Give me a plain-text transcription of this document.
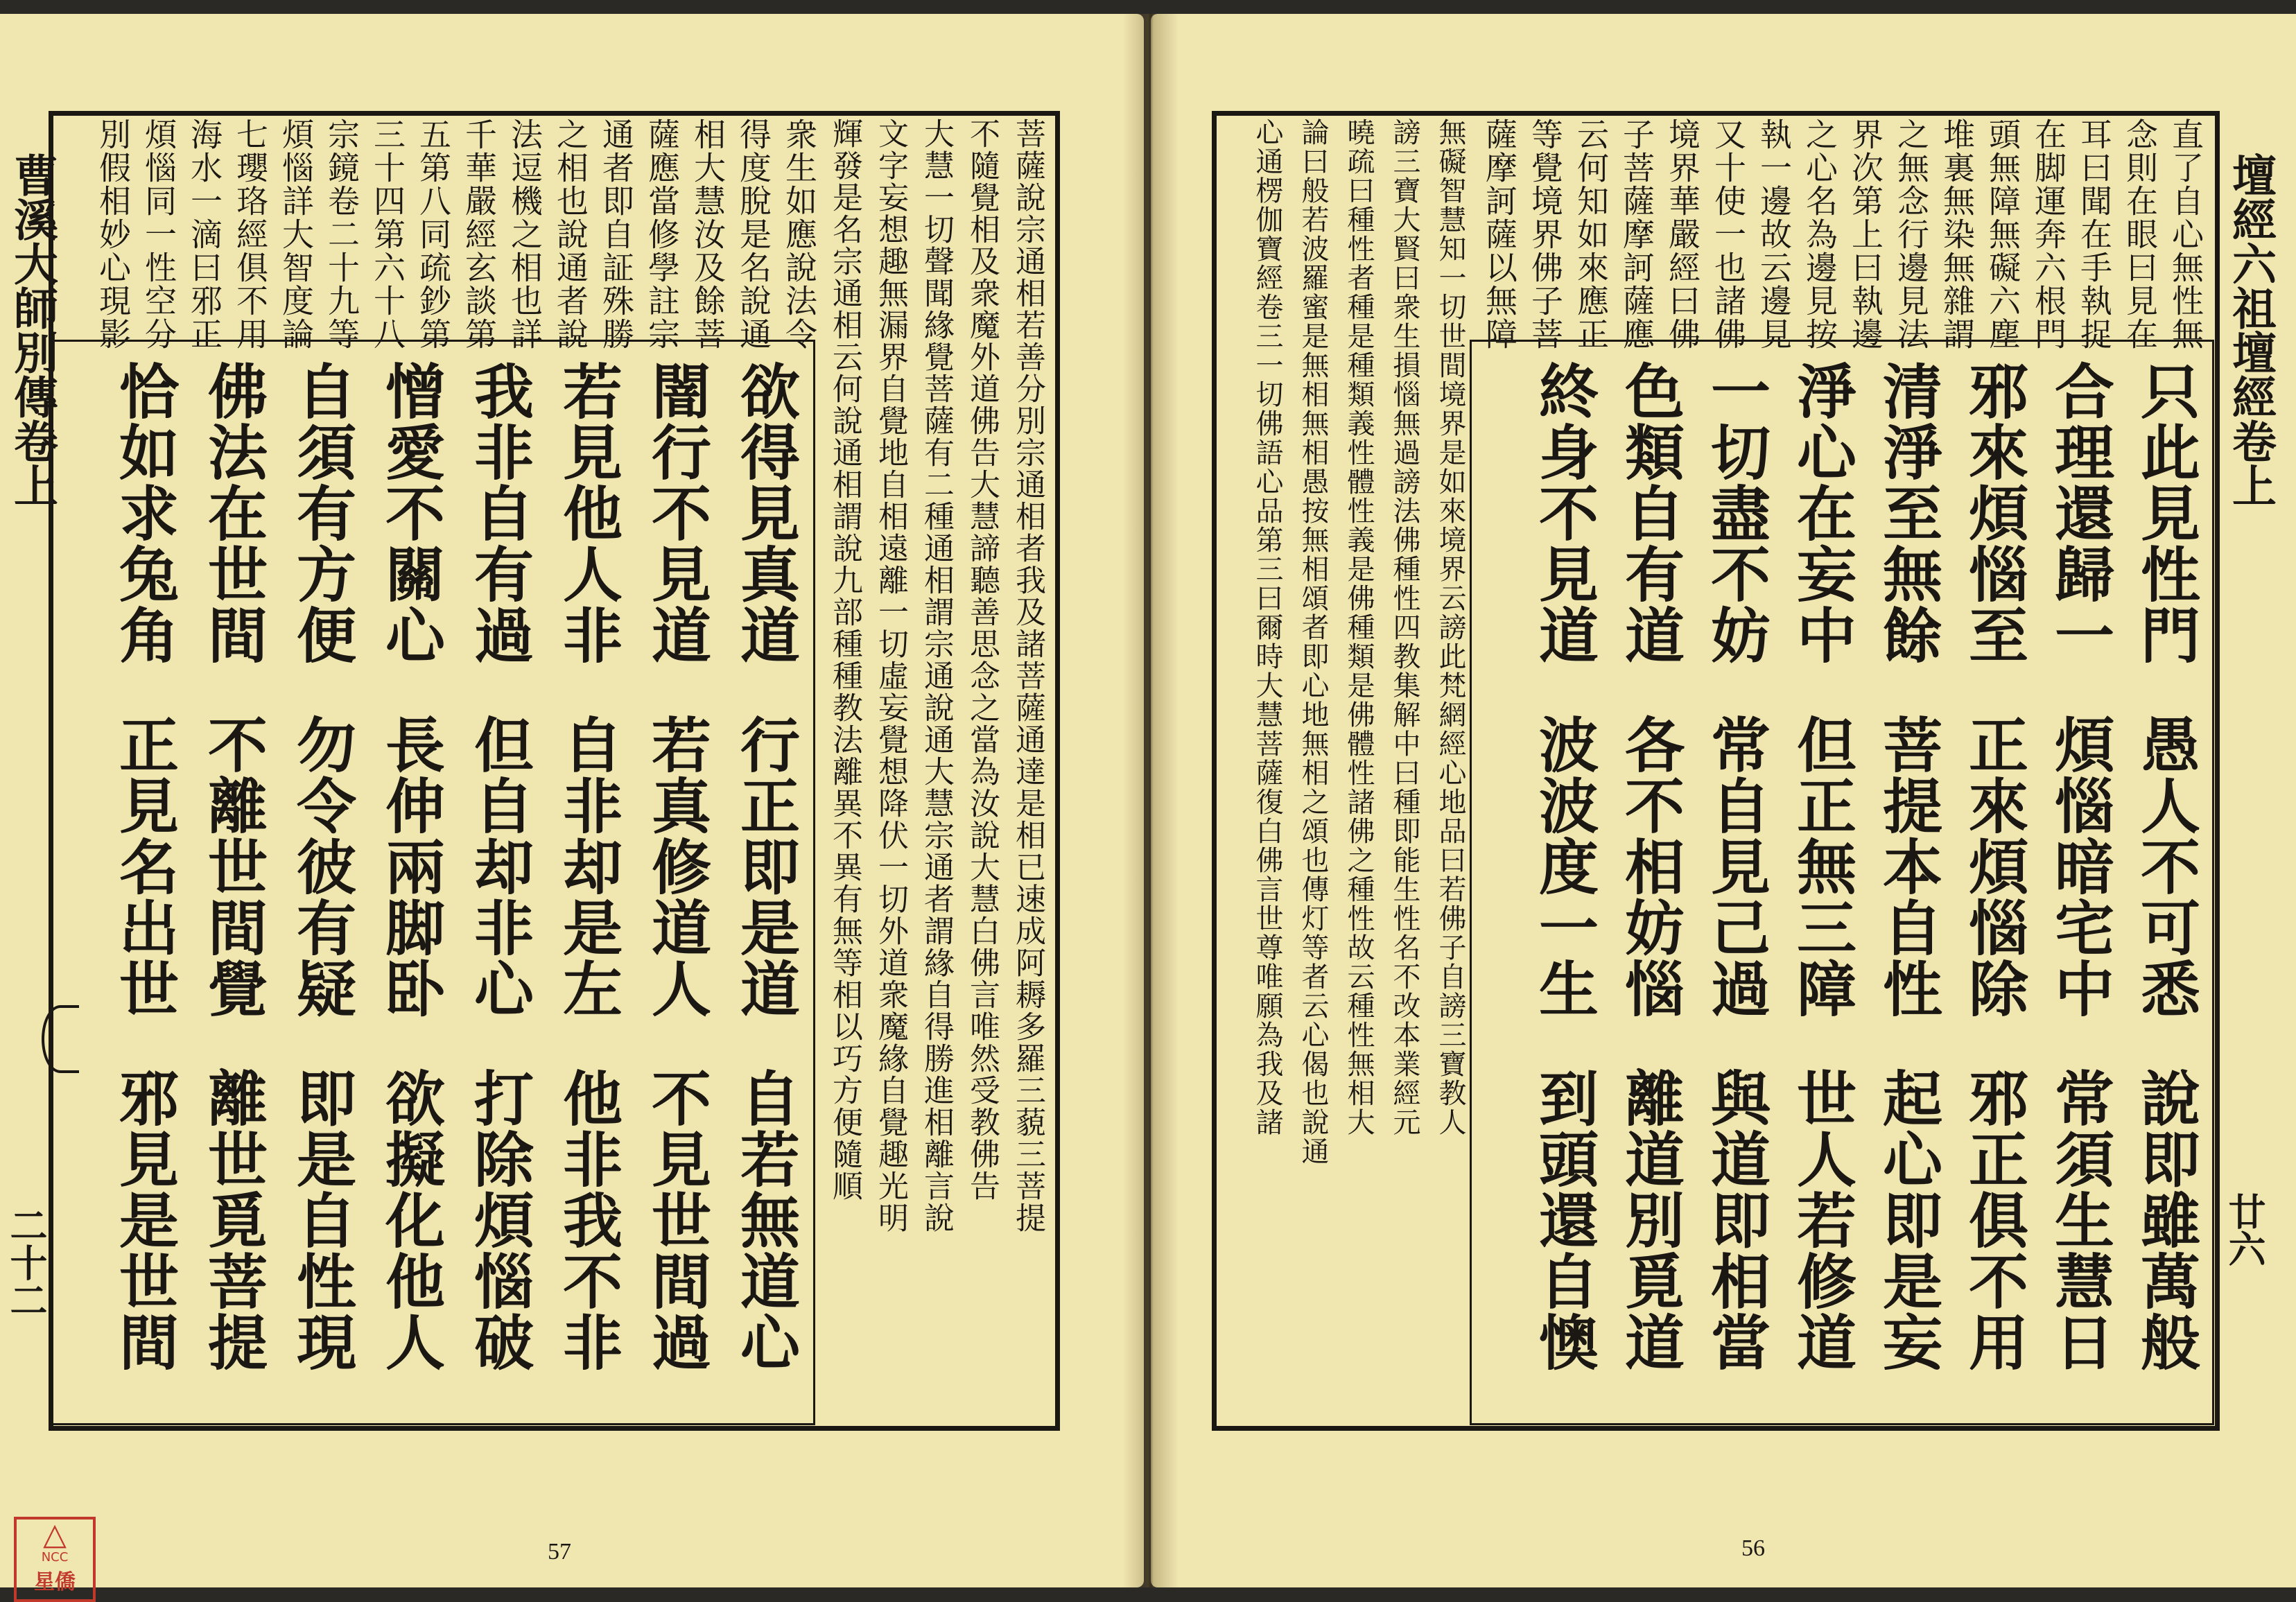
曹溪大師別傳卷上
二十二
菩薩說宗通相若善分別宗通相者我及諸菩薩通達是相已速成阿耨多羅三藐三菩提
不隨覺相及衆魔外道佛告大慧諦聽善思念之當為汝說大慧白佛言唯然受教佛告
大慧一切聲聞緣覺菩薩有二種通相謂宗通說通大慧宗通者謂緣自得勝進相離言說
文字妄想趣無漏界自覺地自相遠離一切虛妄覺想降伏一切外道衆魔緣自覺趣光明
輝發是名宗通相云何說通相謂說九部種種教法離異不異有無等相以巧方便隨順
衆生如應說法令
得度脫是名說通
相大慧汝及餘菩
薩應當修學註宗
通者即自証殊勝
之相也說通者說
法逗機之相也詳
千華嚴經玄談第
五第八同疏鈔第
三十四第六十八
宗鏡卷二十九等
煩惱詳大智度論
七瓔珞經俱不用
海水一滴曰邪正
煩惱同一性空分
別假相妙心現影
欲得見真道
行正即是道
自若無道心
闇行不見道
若真修道人
不見世間過
若見他人非
自非却是左
他非我不非
我非自有過
但自却非心
打除煩惱破
憎愛不關心
長伸兩脚卧
欲擬化他人
自須有方便
勿令彼有疑
即是自性現
佛法在世間
不離世間覺
離世覓菩提
恰如求兔角
正見名出世
邪見是世間
57
△
NCC
星僑
壇經六祖壇經卷上
廿六
直了自心無性無
念則在眼曰見在
耳曰聞在手執捉
在脚運奔六根門
頭無障無礙六塵
堆裏無染無雜謂
之無念行邊見法
界次第上曰執邊
之心名為邊見按
執一邊故云邊見
又十使一也諸佛
境界華嚴經曰佛
子菩薩摩訶薩應
云何知如來應正
等覺境界佛子菩
薩摩訶薩以無障
無礙智慧知一切世間境界是如來境界云謗此梵網經心地品曰若佛子自謗三寶教人
謗三寶大賢曰衆生損惱無過謗法佛種性四教集解中曰種即能生性名不改本業經元
曉疏曰種性者種是種類義性體性義是佛種類是佛體性諸佛之種性故云種性無相大
論曰般若波羅蜜是無相無相愚按無相頌者即心地無相之頌也傳灯等者云心偈也說通
心通楞伽寶經卷三一切佛語心品第三曰爾時大慧菩薩復白佛言世尊唯願為我及諸	只此見性門
愚人不可悉
說即雖萬般
合理還歸一
煩惱暗宅中
常須生慧日
邪來煩惱至
正來煩惱除
邪正俱不用
清淨至無餘
菩提本自性
起心即是妄
淨心在妄中
但正無三障
世人若修道
一切盡不妨
常自見己過
與道即相當
色類自有道
各不相妨惱
離道別覓道
終身不見道
波波度一生
到頭還自懊
56
